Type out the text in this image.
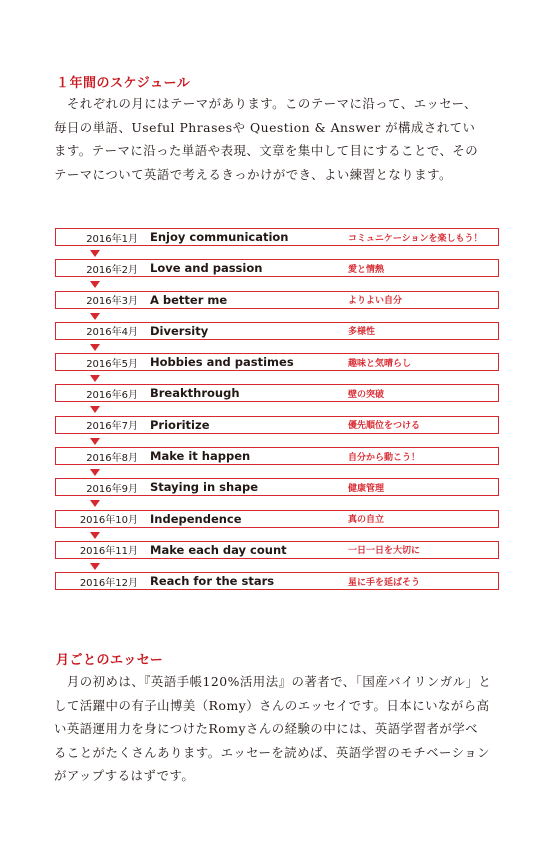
１年間のスケジュール

　それぞれの月にはテーマがあります。このテーマに沿って、エッセー、
毎日の単語、Useful Phrasesや Question & Answer が構成されてい
ます。テーマに沿った単語や表現、文章を集中して目にすることで、その
テーマについて英語で考えるきっかけができ、よい練習となります。

2016年1月	Enjoy communication	コミュニケーションを楽しもう！
2016年2月	Love and passion	愛と情熱
2016年3月	A better me	よりよい自分
2016年4月	Diversity	多様性
2016年5月	Hobbies and pastimes	趣味と気晴らし
2016年6月	Breakthrough	壁の突破
2016年7月	Prioritize	優先順位をつける
2016年8月	Make it happen	自分から動こう！
2016年9月	Staying in shape	健康管理
2016年10月	Independence	真の自立
2016年11月	Make each day count	一日一日を大切に
2016年12月	Reach for the stars	星に手を延ばそう
月ごとのエッセー

　月の初めは、『英語手帳120%活用法』の著者で、「国産バイリンガル」と
して活躍中の有子山博美（Romy）さんのエッセイです。日本にいながら高
い英語運用力を身につけたRomyさんの経験の中には、英語学習者が学べ
ることがたくさんあります。エッセーを読めば、英語学習のモチベーション
がアップするはずです。
